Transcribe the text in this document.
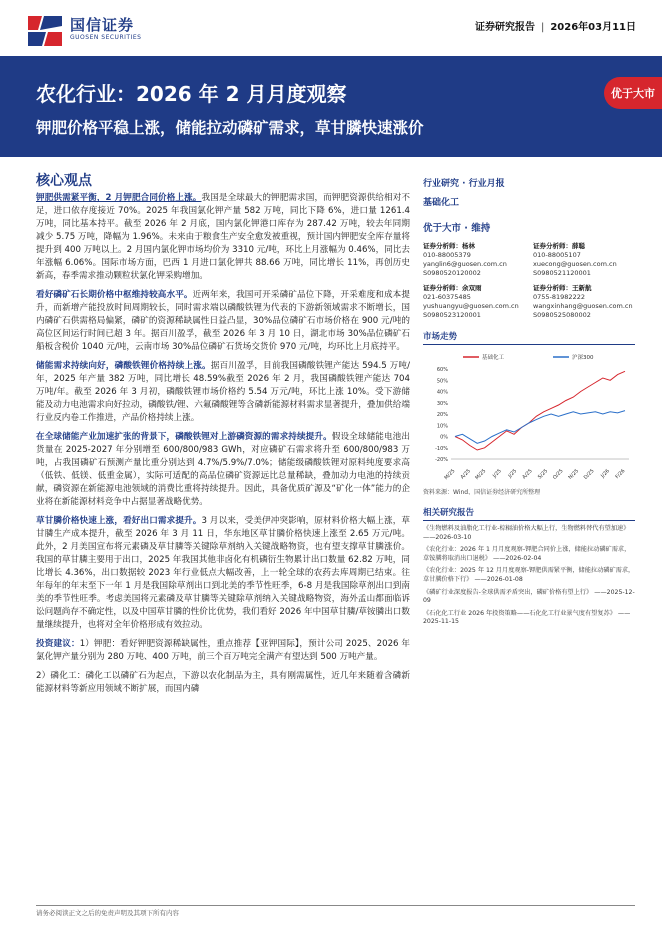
国信证券
GUOSEN SECURITIES
证券研究报告 | 2026年03月11日
农化行业：2026 年 2 月月度观察
钾肥价格平稳上涨，储能拉动磷矿需求，草甘膦快速涨价
优于大市
核心观点

钾肥供需紧平衡，2 月钾肥合同价格上涨。我国是全球最大的钾肥需求国，而钾肥资源供给相对不足，进口依存度接近 70%。2025 年我国氯化钾产量 582 万吨，同比下降 6%，进口量 1261.4 万吨，同比基本持平。截至 2026 年 2 月底，国内氯化钾港口库存为 287.42 万吨，较去年同期减少 5.75 万吨，降幅为 1.96%。未来由于粮食生产安全愈发被重视，预计国内钾肥安全库存量将提升到 400 万吨以上。2 月国内氯化钾市场均价为 3310 元/吨，环比上月涨幅为 0.46%，同比去年涨幅 6.06%。国际市场方面，巴西 1 月进口氯化钾共 88.66 万吨，同比增长 11%，再创历史新高，春季需求推动颗粒状氯化钾采购增加。

看好磷矿石长期价格中枢维持较高水平。近两年来，我国可开采磷矿品位下降，开采难度和成本提升，而新增产能投放时间周期较长，同时需求端以磷酸铁锂为代表的下游新领域需求不断增长，国内磷矿石供需格局偏紧，磷矿的资源稀缺属性日益凸显，30%品位磷矿石市场价格在 900 元/吨的高位区间运行时间已超 3 年。据百川盈孚，截至 2026 年 3 月 10 日，湖北市场 30%品位磷矿石船板含税价 1040 元/吨，云南市场 30%品位磷矿石货场交货价 970 元/吨，均环比上月底持平。

储能需求持续向好，磷酸铁锂价格持续上涨。据百川盈孚，目前我国磷酸铁锂产能达 594.5 万吨/年，2025 年产量 382 万吨，同比增长 48.59%截至 2026 年 2 月，我国磷酸铁锂产能达 704 万吨/年。截至 2026 年 3 月初，磷酸铁锂市场价格约 5.54 万元/吨，环比上涨 10%。受下游储能及动力电池需求向好拉动，磷酸铁/锂、六氟磷酸锂等含磷新能源材料需求显著提升，叠加供给端行业反内卷工作推进，产品价格持续上涨。

在全球储能产业加速扩张的背景下，磷酸铁锂对上游磷资源的需求持续提升。假设全球储能电池出货量在 2025-2027 年分别增至 600/800/983 GWh，对应磷矿石需求将升至 600/800/983 万吨，占我国磷矿石预测产量比重分别达到 4.7%/5.9%/7.0%；储能级磷酸铁锂对原料纯度要求高（低铁、低镁、低重金属），实际可适配的高品位磷矿资源远比总量稀缺，叠加动力电池的持续贡献，磷资源在新能源电池领域的消费比重将持续提升。因此，具备优质矿源及“矿化一体”能力的企业将在新能源材料竞争中占据显著战略优势。

草甘膦价格快速上涨，看好出口需求提升。3 月以来，受美伊冲突影响，原材料价格大幅上涨，草甘膦生产成本提升，截至 2026 年 3 月 11 日，华东地区草甘膦价格快速上涨至 2.65 万元/吨。此外，2 月美国宣布将元素磷及草甘膦等关键除草剂纳入关键战略物资，也有望支撑草甘膦涨价。我国的草甘膦主要用于出口，2025 年我国其他非卤化有机磷衍生物累计出口数量 62.82 万吨，同比增长 4.36%，出口数据较 2023 年行业低点大幅改善，上一轮全球的农药去库周期已结束。往年每年的年末至下一年 1 月是我国除草剂出口到北美的季节性旺季，6-8 月是我国除草剂出口到南美的季节性旺季。考虑美国将元素磷及草甘膦等关键除草剂纳入关键战略物资，海外孟山都面临诉讼问题尚存不确定性，以及中国草甘膦的性价比优势，我们看好 2026 年中国草甘膦/草铵膦出口数量继续提升，也将对全年价格形成有效拉动。

投资建议：1）钾肥：看好钾肥资源稀缺属性，重点推荐【亚钾国际】，预计公司 2025、2026 年氯化钾产量分别为 280 万吨、400 万吨，前三个百万吨完全满产有望达到 500 万吨产量。

2）磷化工：磷化工以磷矿石为起点，下游以农化制品为主，具有刚需属性，近几年来随着含磷新能源材料等新应用领域不断扩展，而国内磷

行业研究 · 行业月报
基础化工
优于大市 · 维持
证券分析师：杨林
010-88005379
yanglin6@guosen.com.cn
S0980520120002
证券分析师：薛聪
010-88005107
xuecong@guosen.com.cn
S0980521120001
证券分析师：余双雨
021-60375485
yushuangyu@guosen.com.cn
S0980523120001
证券分析师：王新航
0755-81982222
wangxinhang@guosen.com.cn
S0980525080002
市场走势
60%
50%
40%
30%
20%
10%
0%
-10%
-20%
M/25 A/25 M/25 J/25 J/25 A/25 S/25 O/25 N/25 D/25 J/26 F/26
基础化工	沪深300
资料来源：Wind、国信证券经济研究所整理
相关研究报告
《生物燃料及油脂化工行业-棕榈油价格大幅上行，生物燃料替代有望加速》 ——2026-03-10
《农化行业：2026 年 1 月月度观察-钾肥合同价上涨，储能拉动磷矿需求，草铵膦将取消出口退税》 ——2026-02-04
《农化行业：2025 年 12 月月度观察-钾肥供需紧平衡，储能拉动磷矿需求，草甘膦价格下行》 ——2026-01-08
《磷矿行业深度报告-全球供需矛盾突出，磷矿价格有望上行》 ——2025-12-09
《石化化工行业 2026 年投资策略——石化化工行业景气度有望复苏》 ——2025-11-15
请务必阅读正文之后的免责声明及其项下所有内容
